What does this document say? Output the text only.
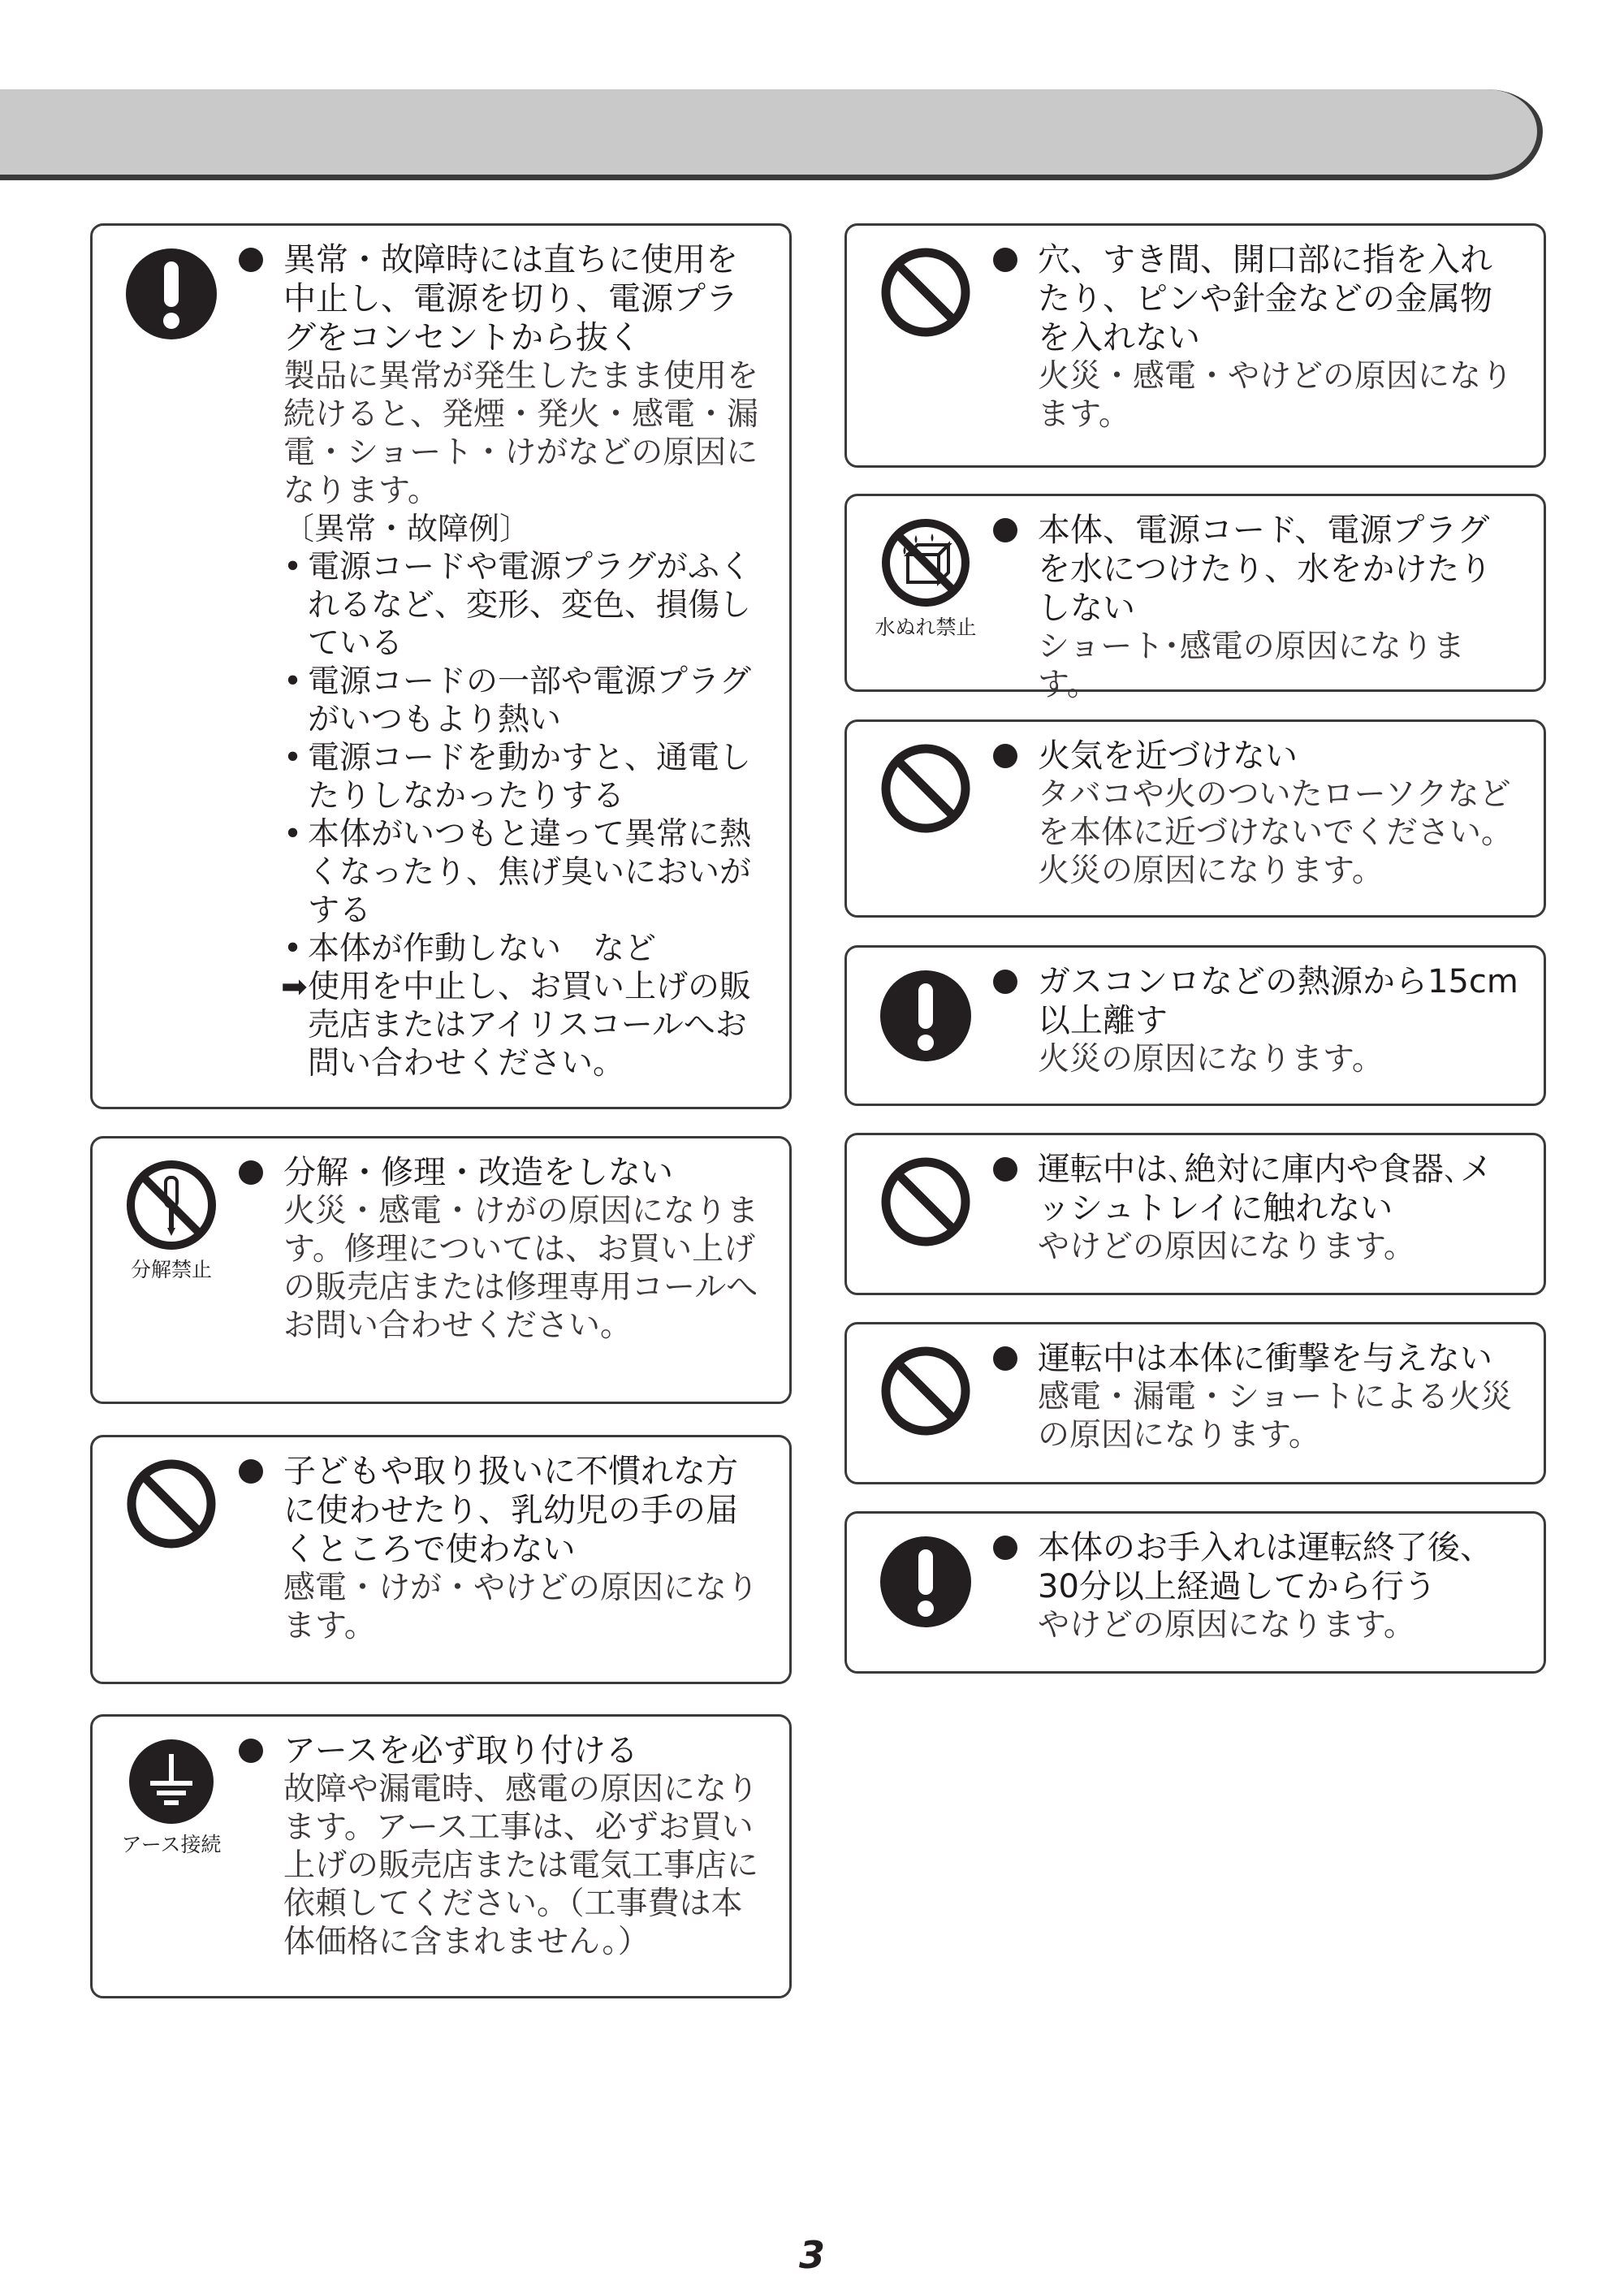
異常・故障時には直ちに使用を中止し、電源を切り、電源プラグをコンセントから抜く
製品に異常が発生したまま使用を続けると、発煙・発火・感電・漏電・ショート・けがなどの原因になります。
〔異常・故障例〕
• 電源コードや電源プラグがふくれるなど、変形、変色、損傷している
• 電源コードの一部や電源プラグがいつもより熱い
• 電源コードを動かすと、通電したりしなかったりする
• 本体がいつもと違って異常に熱くなったり、焦げ臭いにおいがする
• 本体が作動しない　など
➡ 使用を中止し、お買い上げの販売店またはアイリスコールへお問い合わせください。
分解禁止
分解・修理・改造をしない
火災・感電・けがの原因になります。修理については、お買い上げの販売店または修理専用コールへお問い合わせください。
子どもや取り扱いに不慣れな方に使わせたり、乳幼児の手の届くところで使わない
感電・けが・やけどの原因になります。
アース接続
アースを必ず取り付ける
故障や漏電時、感電の原因になります。アース工事は、必ずお買い上げの販売店または電気工事店に依頼してください。（工事費は本体価格に含まれません。）
穴、すき間、開口部に指を入れたり、ピンや針金などの金属物を入れない
火災・感電・やけどの原因になります。
水ぬれ禁止
本体、電源コード、電源プラグを水につけたり、水をかけたりしない
ショート･感電の原因になります。
火気を近づけない
タバコや火のついたローソクなどを本体に近づけないでください。火災の原因になります。
ガスコンロなどの熱源から15cm以上離す
火災の原因になります。
運転中は､絶対に庫内や食器､メッシュトレイに触れない
やけどの原因になります。
運転中は本体に衝撃を与えない
感電・漏電・ショートによる火災の原因になります。
本体のお手入れは運転終了後、30分以上経過してから行う
やけどの原因になります。
3
